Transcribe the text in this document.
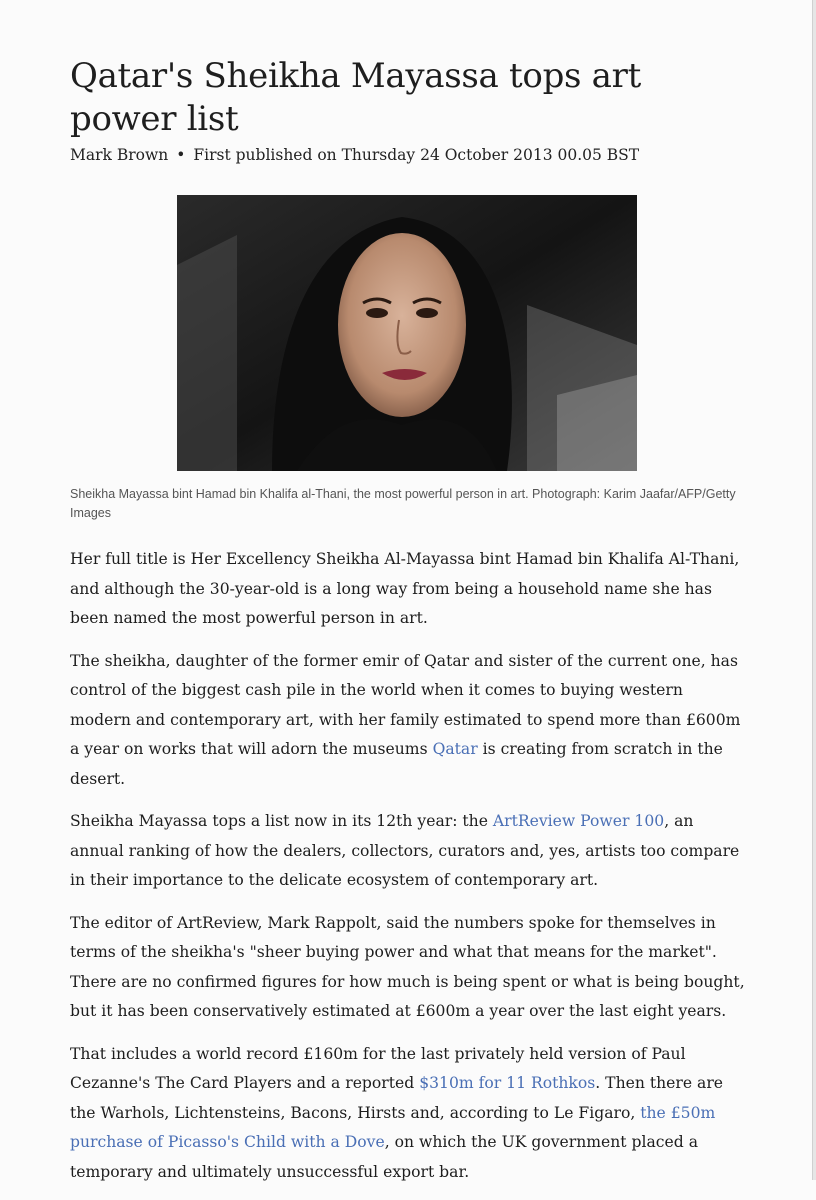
Qatar's Sheikha Mayassa tops art power list
Mark Brown • First published on Thursday 24 October 2013 00.05 BST
Sheikha Mayassa bint Hamad bin Khalifa al-Thani, the most powerful person in art. Photograph: Karim Jaafar/AFP/Getty Images

Her full title is Her Excellency Sheikha Al-Mayassa bint Hamad bin Khalifa Al-Thani, and although the 30-year-old is a long way from being a household name she has been named the most powerful person in art.

The sheikha, daughter of the former emir of Qatar and sister of the current one, has control of the biggest cash pile in the world when it comes to buying western modern and contemporary art, with her family estimated to spend more than £600m a year on works that will adorn the museums Qatar is creating from scratch in the desert.

Sheikha Mayassa tops a list now in its 12th year: the ArtReview Power 100, an annual ranking of how the dealers, collectors, curators and, yes, artists too compare in their importance to the delicate ecosystem of contemporary art.

The editor of ArtReview, Mark Rappolt, said the numbers spoke for themselves in terms of the sheikha's "sheer buying power and what that means for the market". There are no confirmed figures for how much is being spent or what is being bought, but it has been conservatively estimated at £600m a year over the last eight years.

That includes a world record £160m for the last privately held version of Paul Cezanne's The Card Players and a reported $310m for 11 Rothkos. Then there are the Warhols, Lichtensteins, Bacons, Hirsts and, according to Le Figaro, the £50m purchase of Picasso's Child with a Dove, on which the UK government placed a temporary and ultimately unsuccessful export bar.
